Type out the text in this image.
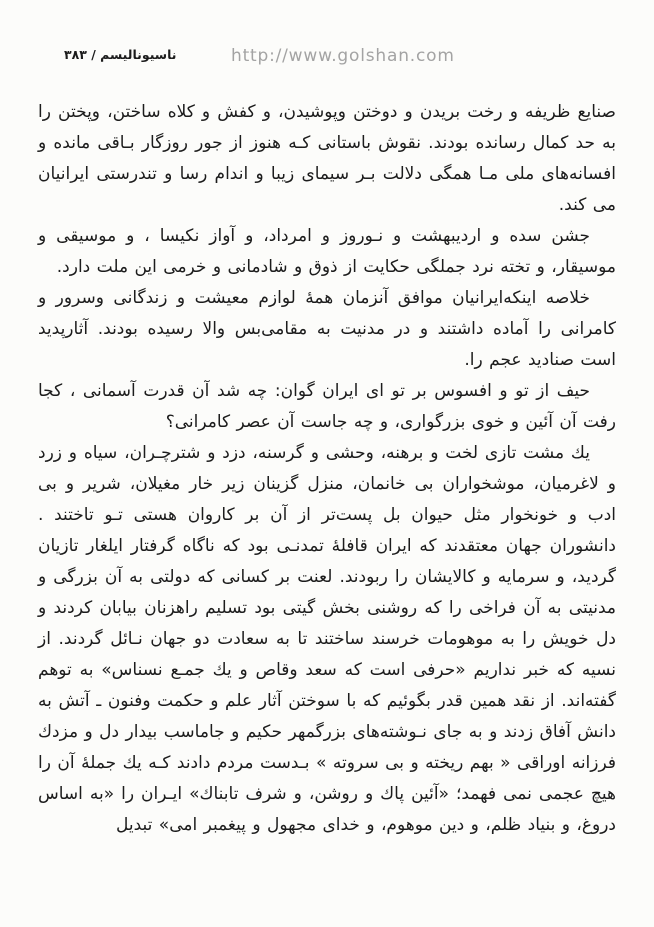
ناسیونالیسم / ۳۸۳	http://www.golshan.com

صنایع ظریفه و رخت بریدن و دوختن وپوشیدن، و کفش و کلاه ساختن، وپختن را به حد کمال رسانده بودند. نقوش باستانی کـه هنوز از جور روزگار بـاقی مانده و افسانه‌های ملی مـا همگی دلالت بـر سیمای زیبا و اندام رسا و تندرستی ایرانیان می کند.

جشن سده و اردیبهشت و نـوروز و امرداد، و آواز نکیسا ، و موسیقی و موسیقار، و تخته نرد جملگی حکایت از ذوق و شادمانی و خرمی این ملت دارد.

خلاصه اینکه‌ایرانیان موافق آنزمان همهٔ لوازم معیشت و زندگانی وسرور و کامرانی را آماده داشتند و در مدنیت به مقامی‌بس والا رسیده بودند. آثارپدید است صنادید عجم را.

حیف از تو و افسوس بر تو ای ایران گوان: چه شد آن قدرت آسمانی ، کجا رفت آن آئین و خوی بزرگواری، و چه جاست آن عصر کامرانی؟

یك مشت تازی لخت و برهنه، وحشی و گرسنه، دزد و شترچـران، سیاه و زرد و لاغرمیان، موشخواران بی خانمان، منزل گزینان زیر خار مغیلان، شریر و بی ادب و خونخوار مثل حیوان بل پست‌تر از آن بر کاروان هستی تـو تاختند . دانشوران جهان معتقدند که ایران قافلهٔ تمدنـی بود که ناگاه گرفتار ایلغار تازیان گردید، و سرمایه و کالایشان را ربودند. لعنت بر کسانی که دولتی به آن بزرگی و مدنیتی به آن فراخی را که روشنی بخش گیتی بود تسلیم راهزنان بیابان کردند و دل خویش را به موهومات خرسند ساختند تا به سعادت دو جهان نـائل گردند. از نسیه که خبر نداریم «حرفی است که سعد وقاص و یك جمـع نسناس» به توهم گفته‌اند. از نقد همین قدر بگوئیم که با سوختن آثار علم و حکمت وفنون ـ آتش به دانش آفاق زدند و به جای نـوشته‌های بزرگمهر حکیم و جاماسب بیدار دل و مزدك فرزانه اوراقی « بهم ریخته و بی سروته » بـدست مردم دادند کـه یك جملهٔ آن را هیچ عجمی نمی فهمد؛ «آئین پاك و روشن، و شرف تابناك» ایـران را «به اساس دروغ، و بنیاد ظلم، و دین موهوم، و خدای مجهول و پیغمبر امی» تبدیل
